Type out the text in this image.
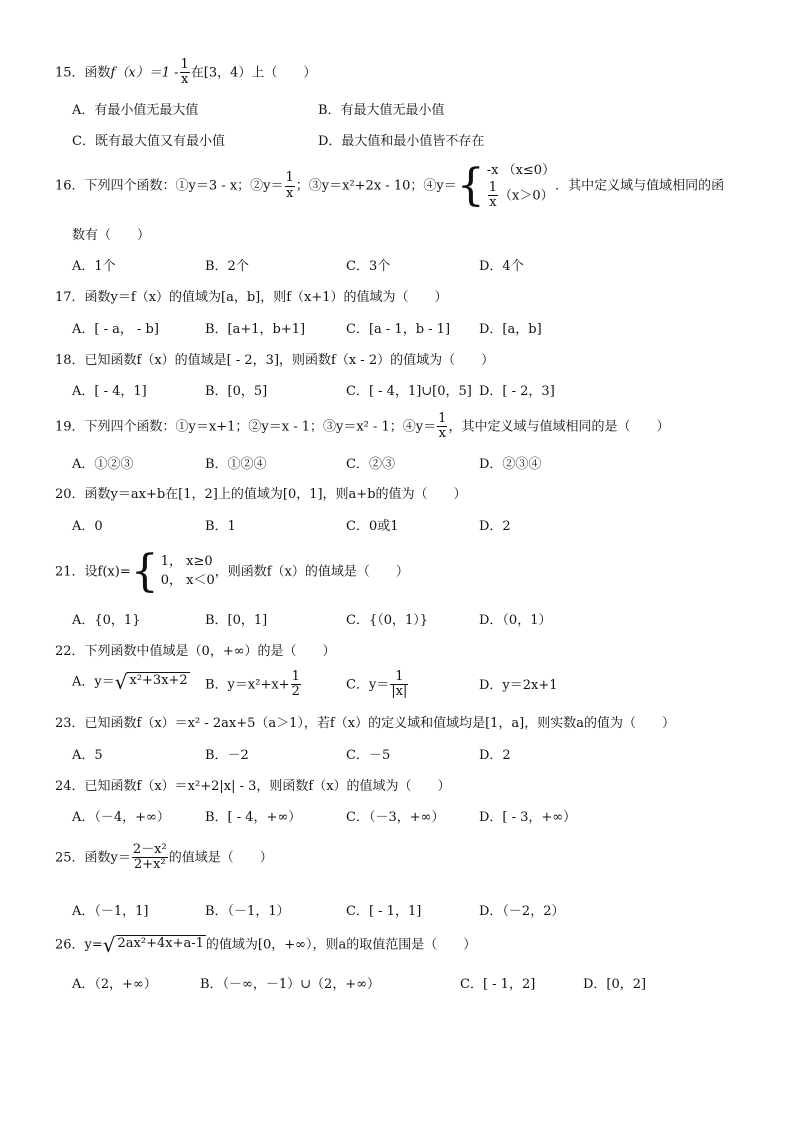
15．函数$f(x)=1 - \frac{1}{x}$ 在[3，4）上（　　）
A．有最小值无最大值	B．有最大值无最小值
C．既有最大值又有最小值	D．最大值和最小值皆不存在
16．下列四个函数：①y＝3 - x；②y＝ $\frac{1}{x}$ ；③y＝x²+2x - 10；④y＝ { -x （x≤0）
$\frac{1}{x} (x>0)$
．其中定义域与值域相同的函
数有（　　）
A．1个	B．2个	C．3个	D．4个
17．函数y＝f（x）的值域为[a，b]，则f（x+1）的值域为（　　）
A．[ - a， - b]	B．[a+1，b+1]	C．[a - 1，b - 1] D．[a，b]
18．已知函数f（x）的值域是[ - 2，3]，则函数f（x - 2）的值域为（　　）
A．[ - 4，1]	B．[0，5]	C．[ - 4，1]∪[0，5] D．[ - 2，3]
19．下列四个函数：①y＝x+1；②y＝x - 1；③y＝x² - 1；④y＝ $\frac{1}{x}$ ，其中定义域与值域相同的是（　　）
A．①②③	B．①②④	C．②③	D．②③④
20．函数y＝ax+b在[1，2]上的值域为[0，1]，则a+b的值为（　　）
A．0	B．1	C．0或1	D．2
21．设f(x)= { 1， x≥0
0， x＜0
，则函数f（x）的值域是（　　）
A．{0，1}	B．[0，1]	C．{（0，1）}	D．（0，1）
22．下列函数中值域是（0，+∞）的是（　　）
A．y＝ √ x²+3x+2 B．$y=x^2+x+ \frac{1}{2}$	C．$y= \frac{1}{|x|}$	D．y＝2x+1
23．已知函数f（x）＝x² - 2ax+5（a＞1），若f（x）的定义域和值域均是[1，a]，则实数a的值为（　　）
A．5	B．－2	C．－5	D．2
24．已知函数f（x）＝x²+2|x| - 3，则函数f（x）的值域为（　　）
A．（－4，+∞）	B．[ - 4，+∞）	C．（－3，+∞）	D．[ - 3，+∞）
25．函数$y= \frac{\text{2－x²}}{\text{2+x²}}$ 的值域是（　　）
A．（－1，1]	B．（－1，1）	C．[ - 1，1]	D．（－2，2）
26．y= √ 2ax²+4x+a-1 的值域为[0，+∞），则a的取值范围是（　　）
A．（2，+∞）	B．（－∞，－1）∪（2，+∞）	C．[ - 1，2]	D．[0，2]
